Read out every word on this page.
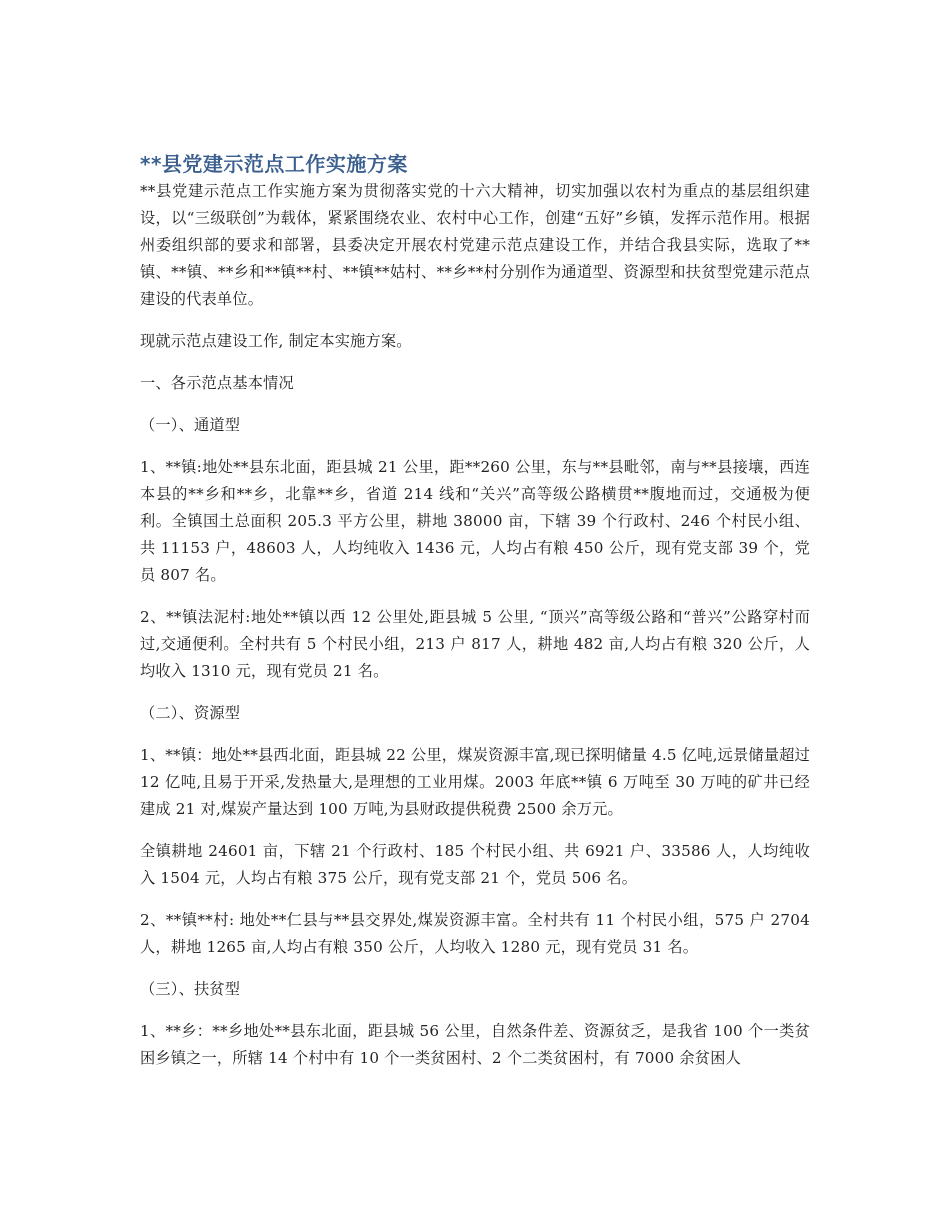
**县党建示范点工作实施方案

**县党建示范点工作实施方案为贯彻落实党的十六大精神，切实加强以农村为重点的基层组织建设，以“三级联创”为载体，紧紧围绕农业、农村中心工作，创建“五好”乡镇，发挥示范作用。根据州委组织部的要求和部署，县委决定开展农村党建示范点建设工作，并结合我县实际，选取了**镇、**镇、**乡和**镇**村、**镇**姑村、**乡**村分别作为通道型、资源型和扶贫型党建示范点建设的代表单位。

现就示范点建设工作, 制定本实施方案。

一、各示范点基本情况

（一）、通道型

1、**镇:地处**县东北面，距县城 21 公里，距**260 公里，东与**县毗邻，南与**县接壤，西连本县的**乡和**乡，北靠**乡，省道 214 线和“关兴”高等级公路横贯**腹地而过，交通极为便利。全镇国土总面积 205.3 平方公里，耕地 38000 亩，下辖 39 个行政村、246 个村民小组、共 11153 户，48603 人，人均纯收入 1436 元，人均占有粮 450 公斤，现有党支部 39 个，党员 807 名。

2、**镇法泥村:地处**镇以西 12 公里处,距县城 5 公里, “顶兴”高等级公路和“普兴”公路穿村而过,交通便利。全村共有 5 个村民小组，213 户 817 人，耕地 482 亩,人均占有粮 320 公斤，人均收入 1310 元，现有党员 21 名。

（二）、资源型

1、**镇：地处**县西北面，距县城 22 公里，煤炭资源丰富,现已探明储量 4.5 亿吨,远景储量超过 12 亿吨,且易于开采,发热量大,是理想的工业用煤。2003 年底**镇 6 万吨至 30 万吨的矿井已经建成 21 对,煤炭产量达到 100 万吨,为县财政提供税费 2500 余万元。

全镇耕地 24601 亩，下辖 21 个行政村、185 个村民小组、共 6921 户、33586 人，人均纯收入 1504 元，人均占有粮 375 公斤，现有党支部 21 个，党员 506 名。

2、**镇**村: 地处**仁县与**县交界处,煤炭资源丰富。全村共有 11 个村民小组，575 户 2704 人，耕地 1265 亩,人均占有粮 350 公斤，人均收入 1280 元，现有党员 31 名。

（三）、扶贫型

1、**乡：**乡地处**县东北面，距县城 56 公里，自然条件差、资源贫乏，是我省 100 个一类贫困乡镇之一，所辖 14 个村中有 10 个一类贫困村、2 个二类贫困村，有 7000 余贫困人
